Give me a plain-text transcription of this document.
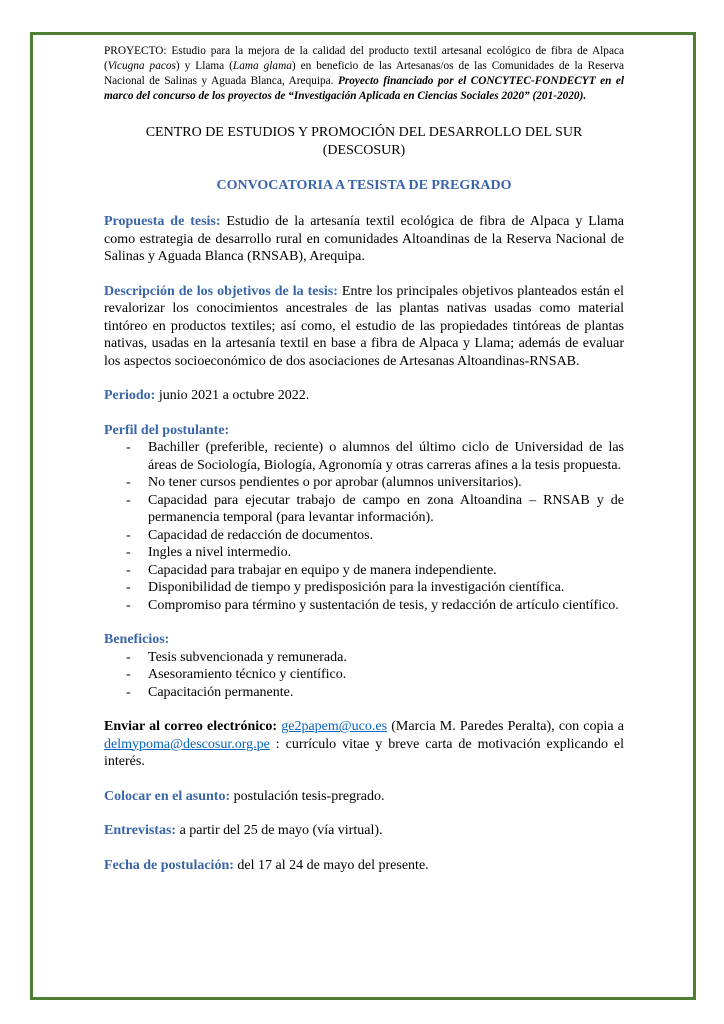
PROYECTO: Estudio para la mejora de la calidad del producto textil artesanal ecológico de fibra de Alpaca (Vicugna pacos) y Llama (Lama glama) en beneficio de las Artesanas/os de las Comunidades de la Reserva Nacional de Salinas y Aguada Blanca, Arequipa. Proyecto financiado por el CONCYTEC-FONDECYT en el marco del concurso de los proyectos de “Investigación Aplicada en Ciencias Sociales 2020” (201-2020).

CENTRO DE ESTUDIOS Y PROMOCIÓN DEL DESARROLLO DEL SUR
(DESCOSUR)
CONVOCATORIA A TESISTA DE PREGRADO

Propuesta de tesis: Estudio de la artesanía textil ecológica de fibra de Alpaca y Llama como estrategia de desarrollo rural en comunidades Altoandinas de la Reserva Nacional de Salinas y Aguada Blanca (RNSAB), Arequipa.

Descripción de los objetivos de la tesis: Entre los principales objetivos planteados están el revalorizar los conocimientos ancestrales de las plantas nativas usadas como material tintóreo en productos textiles; así como, el estudio de las propiedades tintóreas de plantas nativas, usadas en la artesanía textil en base a fibra de Alpaca y Llama; además de evaluar los aspectos socioeconómico de dos asociaciones de Artesanas Altoandinas-RNSAB.

Periodo: junio 2021 a octubre 2022.

Perfil del postulante:

- Bachiller (preferible, reciente) o alumnos del último ciclo de Universidad de las áreas de Sociología, Biología, Agronomía y otras carreras afines a la tesis propuesta.
- No tener cursos pendientes o por aprobar (alumnos universitarios).
- Capacidad para ejecutar trabajo de campo en zona Altoandina – RNSAB y de permanencia temporal (para levantar información).
- Capacidad de redacción de documentos.
- Ingles a nivel intermedio.
- Capacidad para trabajar en equipo y de manera independiente.
- Disponibilidad de tiempo y predisposición para la investigación científica.
- Compromiso para término y sustentación de tesis, y redacción de artículo científico.

Beneficios:

- Tesis subvencionada y remunerada.
- Asesoramiento técnico y científico.
- Capacitación permanente.

Enviar al correo electrónico: ge2papem@uco.es (Marcia M. Paredes Peralta), con copia a delmypoma@descosur.org.pe : currículo vitae y breve carta de motivación explicando el interés.

Colocar en el asunto: postulación tesis-pregrado.

Entrevistas: a partir del 25 de mayo (vía virtual).

Fecha de postulación: del 17 al 24 de mayo del presente.
